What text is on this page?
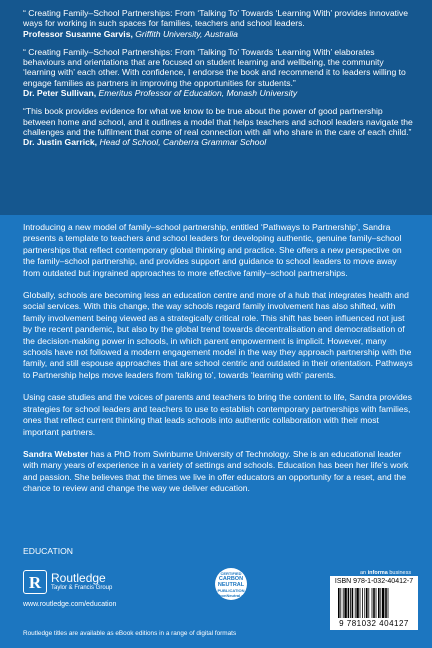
“ Creating Family–School Partnerships: From ‘Talking To’ Towards ‘Learning With’ provides innovative ways for working in such spaces for families, teachers and school leaders.
Professor Susanne Garvis, Griffith University, Australia
“ Creating Family–School Partnerships: From ‘Talking To’ Towards ‘Learning With’ elaborates behaviours and orientations that are focused on student learning and wellbeing, the community ‘learning with’ each other. With confidence, I endorse the book and recommend it to leaders willing to engage families as partners in improving the opportunities for students.”
Dr. Peter Sullivan, Emeritus Professor of Education, Monash University
“This book provides evidence for what we know to be true about the power of good partnership between home and school, and it outlines a model that helps teachers and school leaders navigate the challenges and the fulfilment that come of real connection with all who share in the care of each child.”
Dr. Justin Garrick, Head of School, Canberra Grammar School

Introducing a new model of family–school partnership, entitled ‘Pathways to Partnership’, Sandra presents a template to teachers and school leaders for developing authentic, genuine family–school partnerships that reflect contemporary global thinking and practice. She offers a new perspective on the family–school partnership, and provides support and guidance to school leaders to move away from outdated but ingrained approaches to more effective family–school partnerships.

Globally, schools are becoming less an education centre and more of a hub that integrates health and social services. With this change, the way schools regard family involvement has also shifted, with family involvement being viewed as a strategically critical role. This shift has been influenced not just by the recent pandemic, but also by the global trend towards decentralisation and democratisation of the decision-making power in schools, in which parent empowerment is implicit. However, many schools have not followed a modern engagement model in the way they approach partnership with the family, and still espouse approaches that are school centric and outdated in their orientation. Pathways to Partnership helps move leaders from ‘talking to’, towards ‘learning with’ parents.

Using case studies and the voices of parents and teachers to bring the content to life, Sandra provides strategies for school leaders and teachers to use to establish contemporary partnerships with families, ones that reflect current thinking that leads schools into authentic collaboration with their most important partners.

Sandra Webster has a PhD from Swinburne University of Technology. She is an educational leader with many years of experience in a variety of settings and schools. Education has been her life’s work and passion. She believes that the times we live in offer educators an opportunity for a reset, and the chance to review and change the way we deliver education.

EDUCATION
R Routledge
Taylor & Francis Group
www.routledge.com/education
CERTIFIED
CARBON
NEUTRAL
PUBLICATION
CarbonNeutral.com
an informa business
ISBN 978-1-032-40412-7
9 781032 404127
Routledge titles are available as eBook editions in a range of digital formats
